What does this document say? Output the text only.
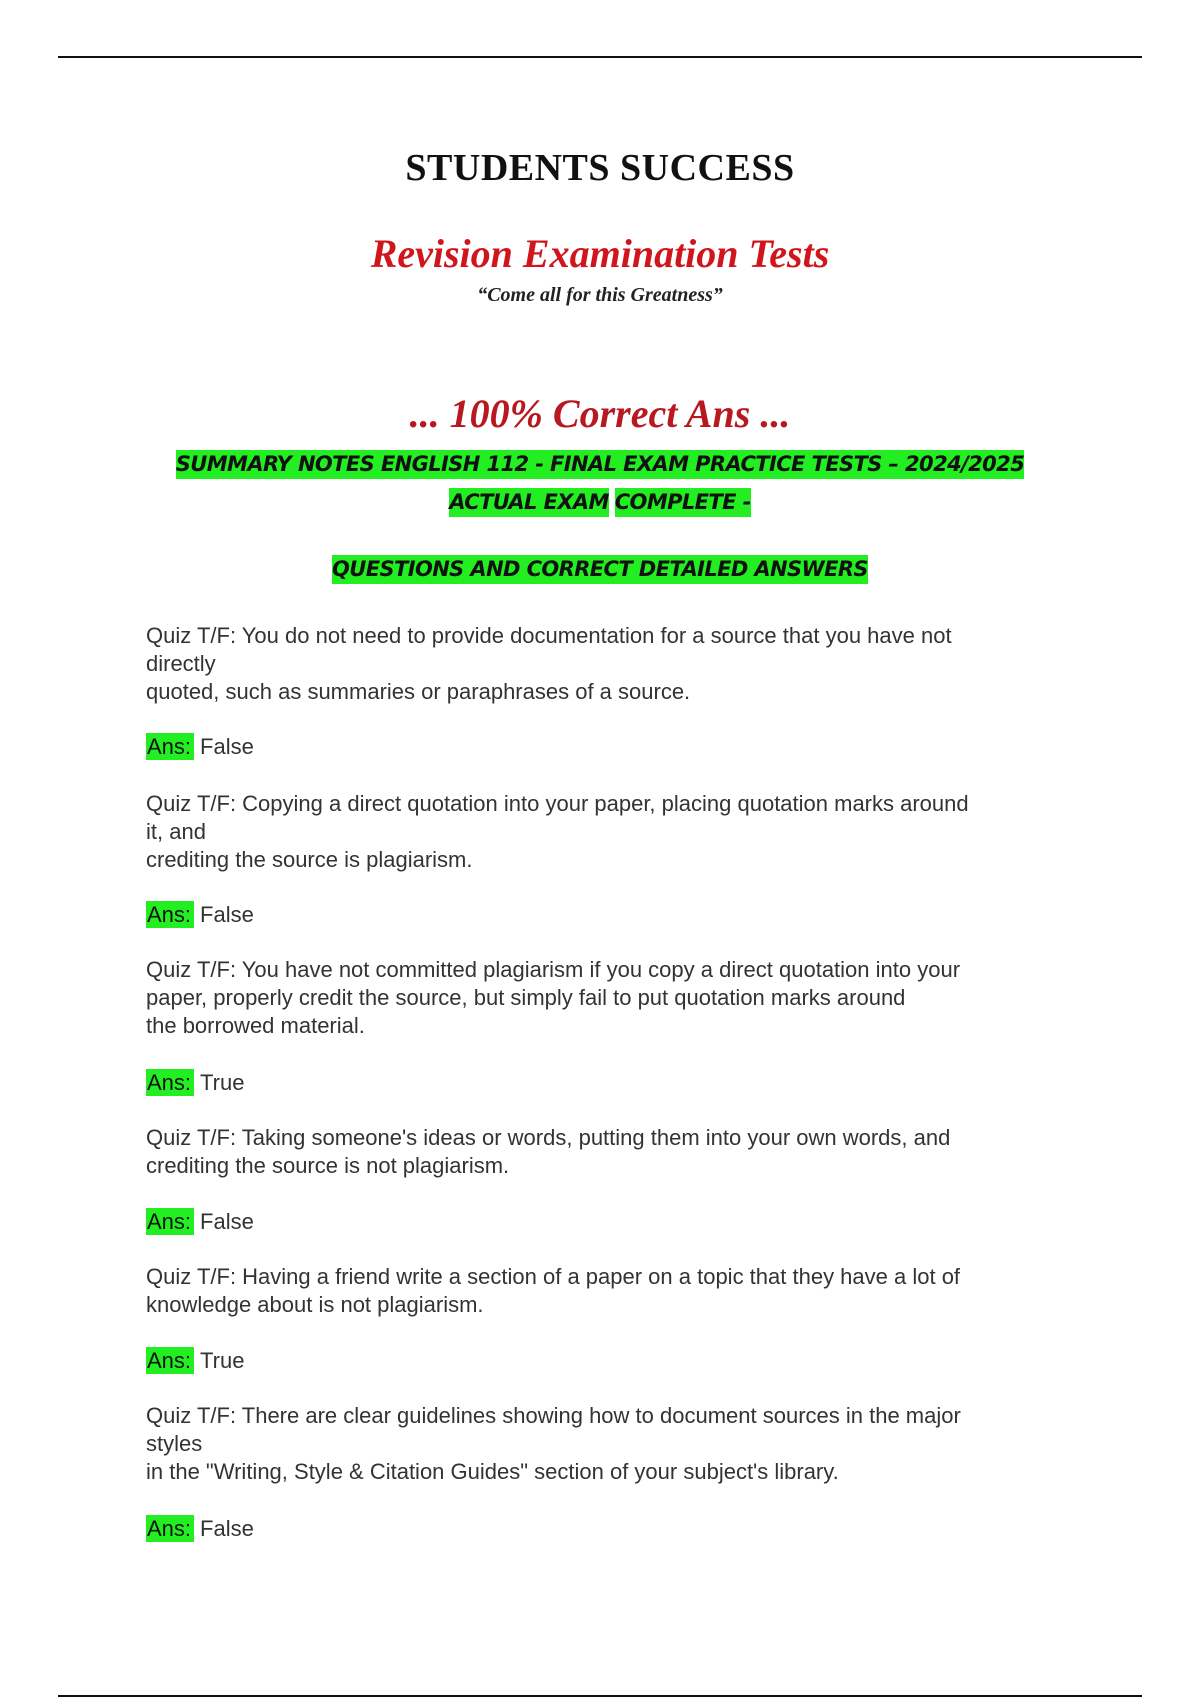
STUDENTS SUCCESS
Revision Examination Tests
“Come all for this Greatness”
... 100% Correct Ans ...
SUMMARY NOTES ENGLISH 112 - FINAL EXAM PRACTICE TESTS – 2024/2025
ACTUAL EXAM COMPLETE -
QUESTIONS AND CORRECT DETAILED ANSWERS
Quiz T/F: You do not need to provide documentation for a source that you have not
directly
quoted, such as summaries or paraphrases of a source.
Ans: False
Quiz T/F: Copying a direct quotation into your paper, placing quotation marks around
it, and
crediting the source is plagiarism.
Ans: False
Quiz T/F: You have not committed plagiarism if you copy a direct quotation into your
paper, properly credit the source, but simply fail to put quotation marks around
the borrowed material.
Ans: True
Quiz T/F: Taking someone's ideas or words, putting them into your own words, and
crediting the source is not plagiarism.
Ans: False
Quiz T/F: Having a friend write a section of a paper on a topic that they have a lot of
knowledge about is not plagiarism.
Ans: True
Quiz T/F: There are clear guidelines showing how to document sources in the major
styles
in the "Writing, Style & Citation Guides" section of your subject's library.
Ans: False
